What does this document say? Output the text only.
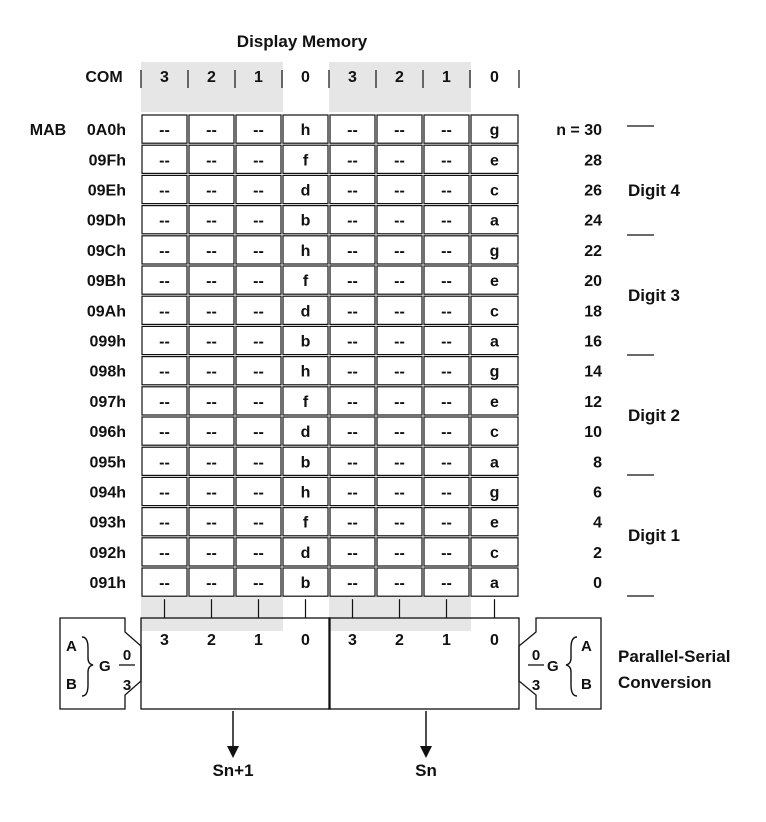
Display Memory
COM 3 2 1 0 3 2 1 0
-- -- -- h -- -- -- g
-- -- -- f -- -- -- e
-- -- -- d -- -- -- c
-- -- -- b -- -- -- a
-- -- -- h -- -- -- g
-- -- -- f -- -- -- e
-- -- -- d -- -- -- c
-- -- -- b -- -- -- a
-- -- -- h -- -- -- g
-- -- -- f -- -- -- e
-- -- -- d -- -- -- c
-- -- -- b -- -- -- a
-- -- -- h -- -- -- g
-- -- -- f -- -- -- e
-- -- -- d -- -- -- c
-- -- -- b -- -- -- a
MAB 0A0h
09Fh
09Eh
09Dh
09Ch
09Bh
09Ah
099h
098h
097h
096h
095h
094h
093h
092h
091h
n = 30
28
26
24
22
20
18
16
14
12
10
8
6
4
2
0
Digit 4
Digit 3
Digit 2
Digit 1
3 2 1 0 3 2 1 0
A
B
G
0
3
0
3
G
A
B
Parallel-Serial
Conversion
Sn+1	Sn
